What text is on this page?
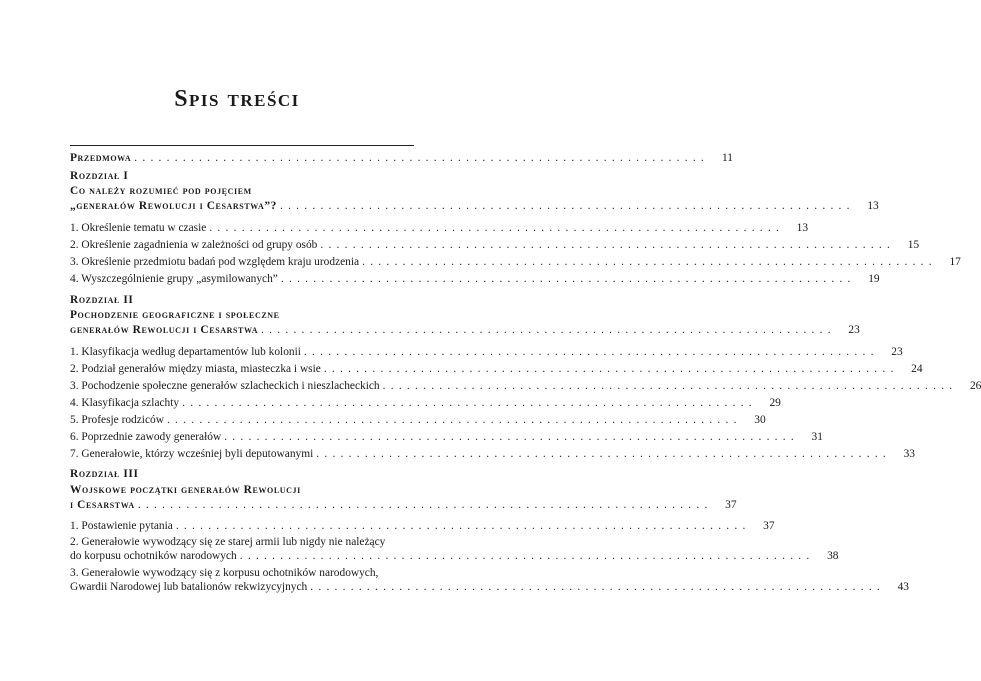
Spis treści
Przedmowa . . .	11
Rozdział I
Co należy rozumieć pod pojęciem
„generałów Rewolucji i Cesarstwa”? . . .	13
1. Określenie tematu w czasie . . .	13
2. Określenie zagadnienia w zależności od grupy osób . . .	15
3. Określenie przedmiotu badań pod względem kraju urodzenia . . .	17
4. Wyszczególnienie grupy „asymilowanych” . . .	19
Rozdział II
Pochodzenie geograficzne i społeczne
generałów Rewolucji i Cesarstwa . . .	23
1. Klasyfikacja według departamentów lub kolonii . . .	23
2. Podział generałów między miasta, miasteczka i wsie . . .	24
3. Pochodzenie społeczne generałów szlacheckich i nieszlacheckich . . .	26
4. Klasyfikacja szlachty . . .	29
5. Profesje rodziców . . .	30
6. Poprzednie zawody generałów . . .	31
7. Generałowie, którzy wcześniej byli deputowanymi . . .	33
Rozdział III
Wojskowe początki generałów Rewolucji
i Cesarstwa . . .	37
1. Postawienie pytania . . .	37
2. Generałowie wywodzący się ze starej armii lub nigdy nie należący
do korpusu ochotników narodowych . . .	38
3. Generałowie wywodzący się z korpusu ochotników narodowych,
Gwardii Narodowej lub batalionów rekwizycyjnych . . .	43
